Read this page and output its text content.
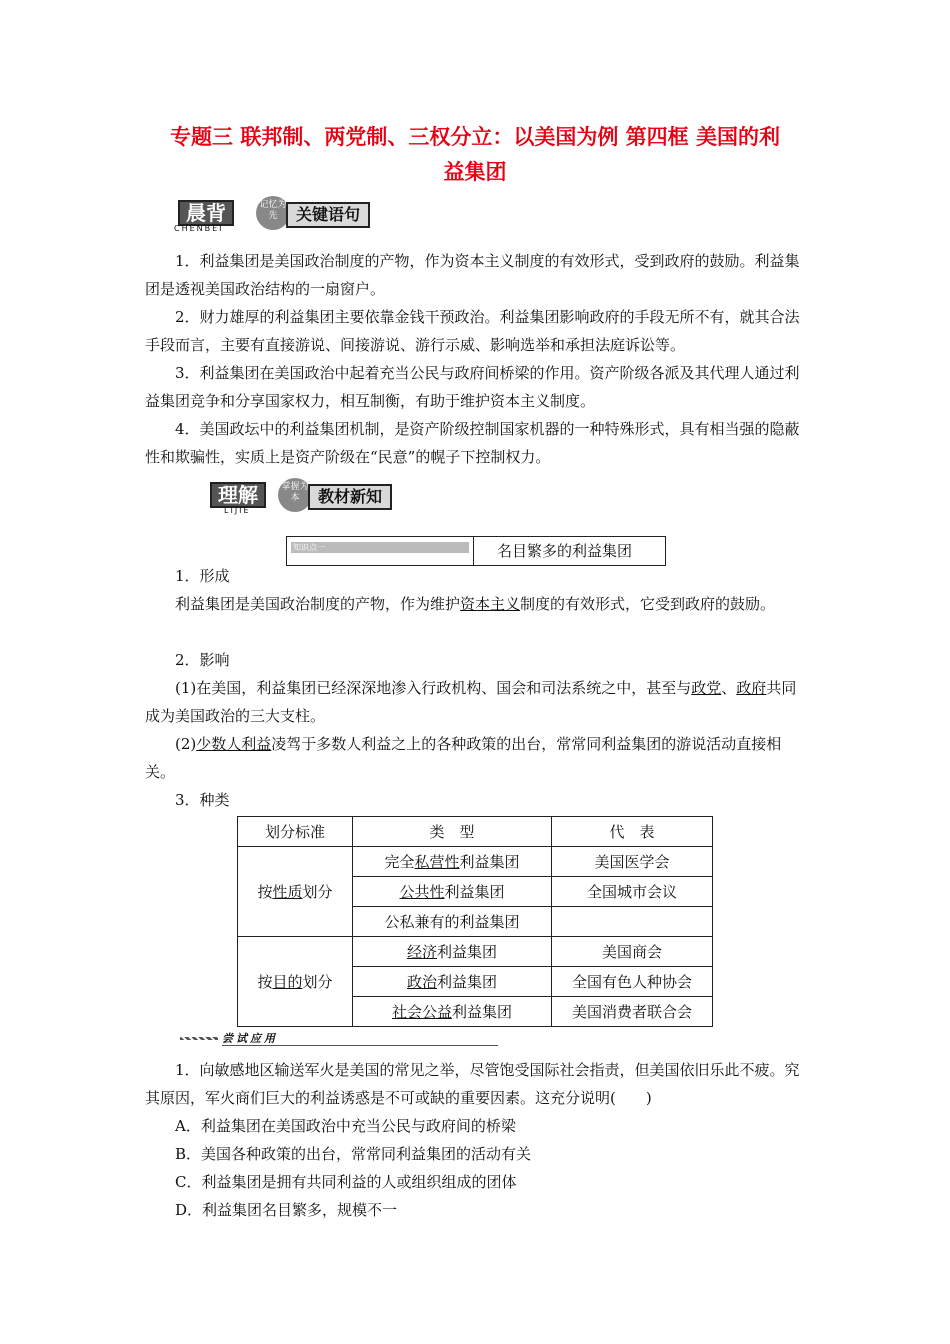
专题三 联邦制、两党制、三权分立：以美国为例 第四框 美国的利
益集团
晨背
CHENBEI
记忆为先	关键语句

1．利益集团是美国政治制度的产物，作为资本主义制度的有效形式，受到政府的鼓励。利益集团是透视美国政治结构的一扇窗户。

2．财力雄厚的利益集团主要依靠金钱干预政治。利益集团影响政府的手段无所不有，就其合法手段而言，主要有直接游说、间接游说、游行示威、影响选举和承担法庭诉讼等。

3．利益集团在美国政治中起着充当公民与政府间桥梁的作用。资产阶级各派及其代理人通过利益集团竞争和分享国家权力，相互制衡，有助于维护资本主义制度。

4．美国政坛中的利益集团机制，是资产阶级控制国家机器的一种特殊形式，具有相当强的隐蔽性和欺骗性，实质上是资产阶级在“民意”的幌子下控制权力。

理解
LIJIE
掌握为本	教材新知
知识点一	名目繁多的利益集团

1．形成

利益集团是美国政治制度的产物，作为维护资本主义制度的有效形式，它受到政府的鼓励。

2．影响

(1)在美国，利益集团已经深深地渗入行政机构、国会和司法系统之中，甚至与政党、政府共同成为美国政治的三大支柱。

(2)少数人利益凌驾于多数人利益之上的各种政策的出台，常常同利益集团的游说活动直接相关。

3．种类

划分标准	类　型	代　表
按性质划分	完全私营性利益集团	美国医学会
	公共性利益集团	全国城市会议
	公私兼有的利益集团	
按目的划分	经济利益集团	美国商会
	政治利益集团	全国有色人种协会
	社会公益利益集团	美国消费者联合会
尝试应用

1．向敏感地区输送军火是美国的常见之举，尽管饱受国际社会指责，但美国依旧乐此不疲。究其原因，军火商们巨大的利益诱惑是不可或缺的重要因素。这充分说明(　　)

A．利益集团在美国政治中充当公民与政府间的桥梁

B．美国各种政策的出台，常常同利益集团的活动有关

C．利益集团是拥有共同利益的人或组织组成的团体

D．利益集团名目繁多，规模不一
